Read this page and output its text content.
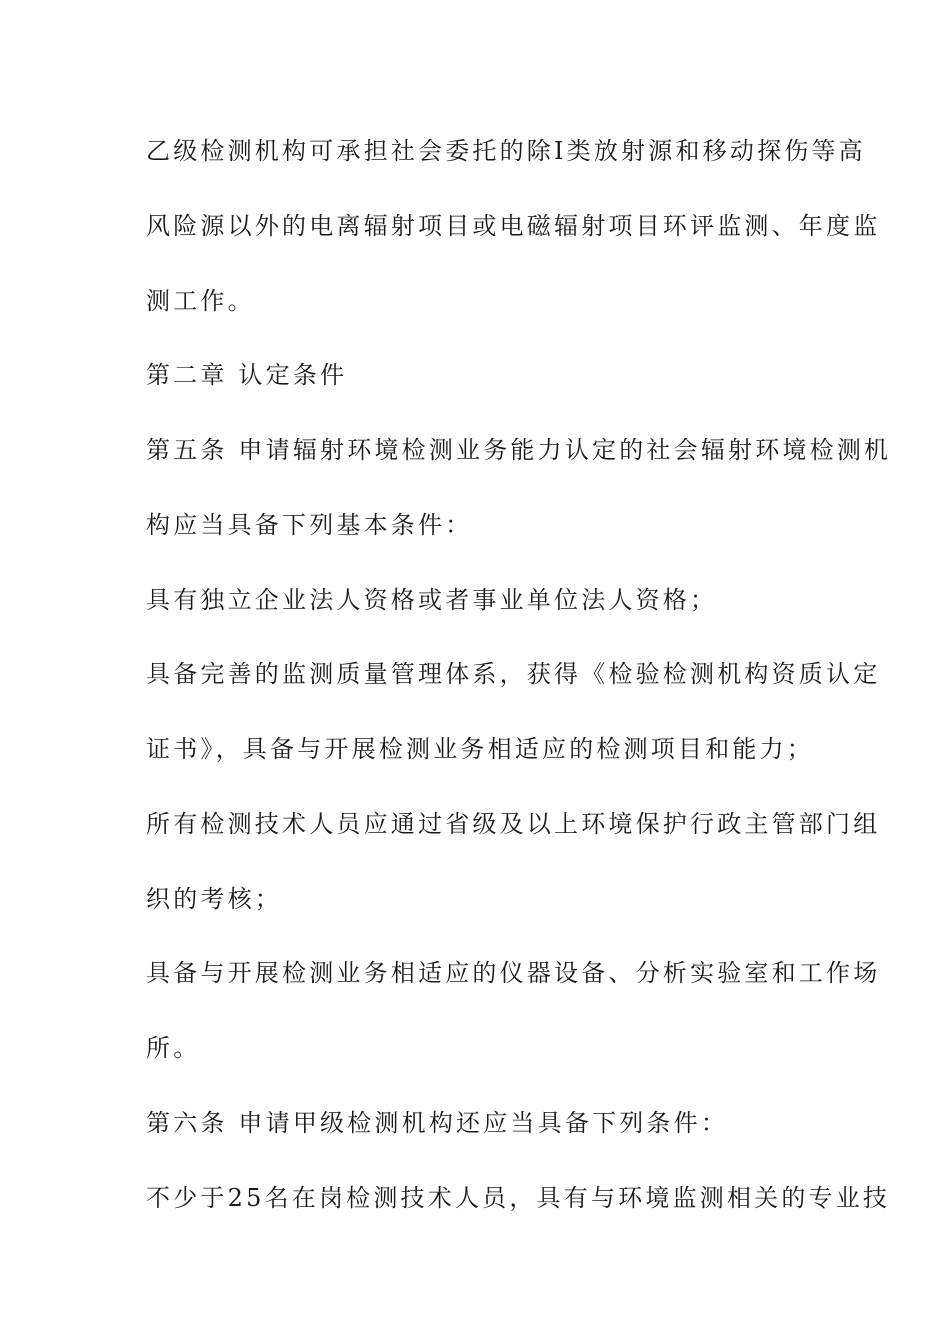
乙级检测机构可承担社会委托的除Ⅰ类放射源和移动探伤等高
风险源以外的电离辐射项目或电磁辐射项目环评监测、年度监
测工作。
第二章 认定条件
第五条 申请辐射环境检测业务能力认定的社会辐射环境检测机
构应当具备下列基本条件：
具有独立企业法人资格或者事业单位法人资格；
具备完善的监测质量管理体系，获得《检验检测机构资质认定
证书》，具备与开展检测业务相适应的检测项目和能力；
所有检测技术人员应通过省级及以上环境保护行政主管部门组
织的考核；
具备与开展检测业务相适应的仪器设备、分析实验室和工作场
所。
第六条 申请甲级检测机构还应当具备下列条件：
不少于25名在岗检测技术人员，具有与环境监测相关的专业技
